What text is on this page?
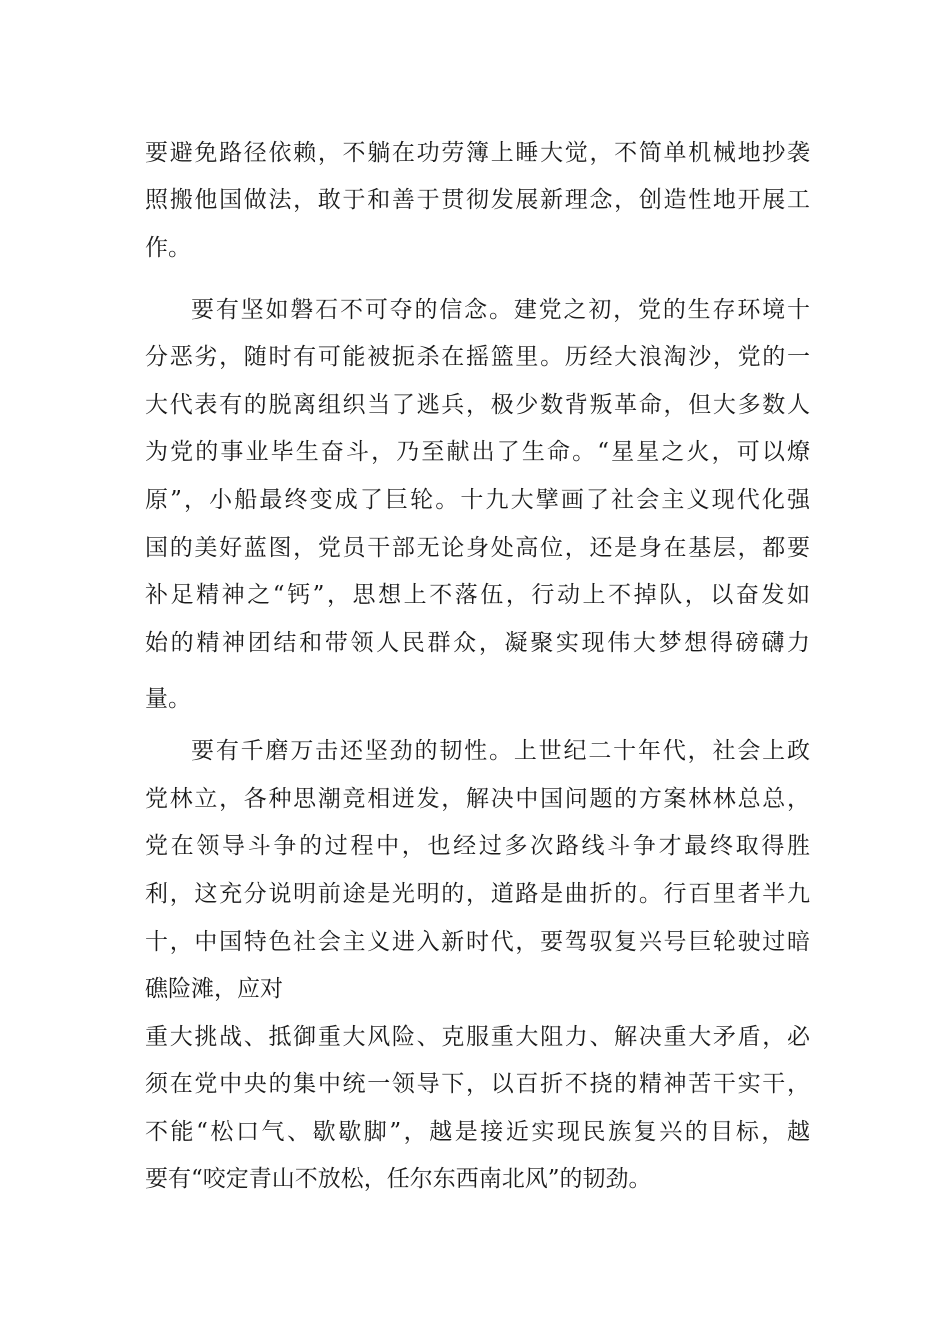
要避免路径依赖，不躺在功劳簿上睡大觉，不简单机械地抄袭
照搬他国做法，敢于和善于贯彻发展新理念，创造性地开展工
作。
要有坚如磐石不可夺的信念。建党之初，党的生存环境十
分恶劣，随时有可能被扼杀在摇篮里。历经大浪淘沙，党的一
大代表有的脱离组织当了逃兵，极少数背叛革命，但大多数人
为党的事业毕生奋斗，乃至献出了生命。“星星之火，可以燎
原”，小船最终变成了巨轮。十九大擘画了社会主义现代化强
国的美好蓝图，党员干部无论身处高位，还是身在基层，都要
补足精神之“钙”，思想上不落伍，行动上不掉队，以奋发如
始的精神团结和带领人民群众，凝聚实现伟大梦想得磅礴力
量。
要有千磨万击还坚劲的韧性。上世纪二十年代，社会上政
党林立，各种思潮竞相迸发，解决中国问题的方案林林总总，
党在领导斗争的过程中，也经过多次路线斗争才最终取得胜
利，这充分说明前途是光明的，道路是曲折的。行百里者半九
十，中国特色社会主义进入新时代，要驾驭复兴号巨轮驶过暗
礁险滩，应对
重大挑战、抵御重大风险、克服重大阻力、解决重大矛盾，必
须在党中央的集中统一领导下，以百折不挠的精神苦干实干，
不能“松口气、歇歇脚”，越是接近实现民族复兴的目标，越
要有“咬定青山不放松，任尔东西南北风”的韧劲。
